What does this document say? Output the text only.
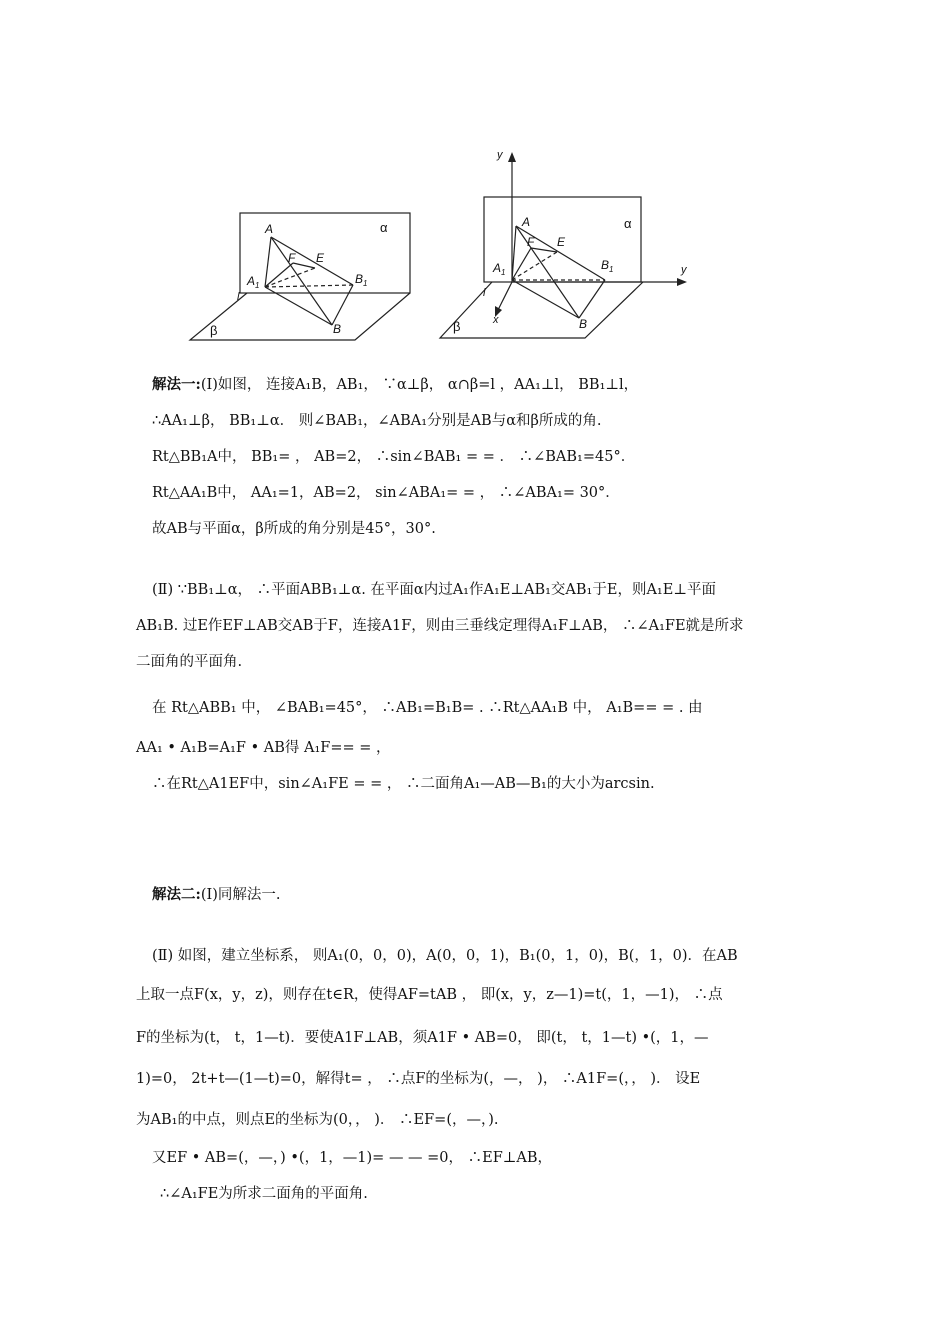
A
$A_1$
F E
$B_1$
B
l
α
β
y
y
x
A
$A_1$
F E
$B_1$
B
l
α
β
解法一:(Ⅰ)如图， 连接A₁B，AB₁， ∵α⊥β， α∩β=l ，AA₁⊥l， BB₁⊥l，
∴AA₁⊥β， BB₁⊥α． 则∠BAB₁，∠ABA₁分别是AB与α和β所成的角.
Rt△BB₁A中， BB₁= ， AB=2， ∴sin∠BAB₁ = = ． ∴∠BAB₁=45°．
Rt△AA₁B中， AA₁=1，AB=2， sin∠ABA₁= = ， ∴∠ABA₁= 30°．
故AB与平面α，β所成的角分别是45°，30°.
(Ⅱ) ∵BB₁⊥α， ∴平面ABB₁⊥α. 在平面α内过A₁作A₁E⊥AB₁交AB₁于E，则A₁E⊥平面
AB₁B. 过E作EF⊥AB交AB于F，连接A1F，则由三垂线定理得A₁F⊥AB， ∴∠A₁FE就是所求
二面角的平面角.
在 Rt△ABB₁ 中， ∠BAB₁=45°， ∴AB₁=B₁B= . ∴Rt△AA₁B 中， A₁B== = . 由
AA₁ • A₁B=A₁F • AB得 A₁F== = ，
∴在Rt△A1EF中，sin∠A₁FE = = ， ∴二面角A₁—AB—B₁的大小为arcsin.
解法二:(Ⅰ)同解法一.
(Ⅱ) 如图，建立坐标系， 则A₁(0，0，0)，A(0，0，1)，B₁(0，1，0)，B(，1，0)．在AB
上取一点F(x，y，z)，则存在t∈R，使得AF=tAB ， 即(x，y，z—1)=t(，1，—1)， ∴点
F的坐标为(t， t，1—t)．要使A1F⊥AB，须A1F • AB=0， 即(t， t，1—t) •(，1，—
1)=0， 2t+t—(1—t)=0，解得t= ， ∴点F的坐标为(，—， )， ∴A1F=(，， )． 设E
为AB₁的中点，则点E的坐标为(0，， )． ∴EF=(，—，).
又EF • AB=(，—，) •(，1，—1)= — — =0， ∴EF⊥AB，
∴∠A₁FE为所求二面角的平面角.
